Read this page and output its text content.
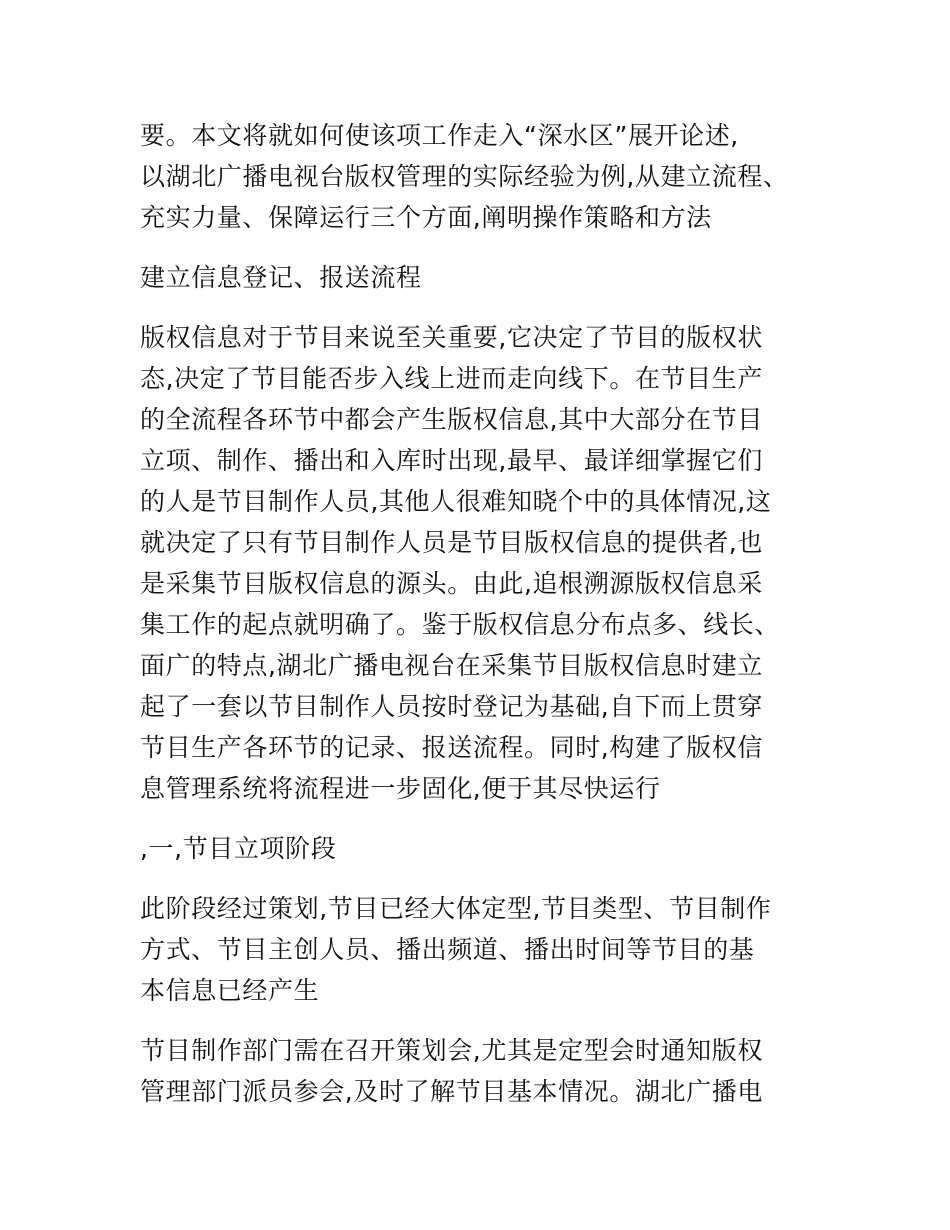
要。本文将就如何使该项工作走入“深水区”展开论述,
以湖北广播电视台版权管理的实际经验为例,从建立流程、
充实力量、保障运行三个方面,阐明操作策略和方法

建立信息登记、报送流程

版权信息对于节目来说至关重要,它决定了节目的版权状
态,决定了节目能否步入线上进而走向线下。在节目生产
的全流程各环节中都会产生版权信息,其中大部分在节目
立项、制作、播出和入库时出现,最早、最详细掌握它们
的人是节目制作人员,其他人很难知晓个中的具体情况,这
就决定了只有节目制作人员是节目版权信息的提供者,也
是采集节目版权信息的源头。由此,追根溯源版权信息采
集工作的起点就明确了。鉴于版权信息分布点多、线长、
面广的特点,湖北广播电视台在采集节目版权信息时建立
起了一套以节目制作人员按时登记为基础,自下而上贯穿
节目生产各环节的记录、报送流程。同时,构建了版权信
息管理系统将流程进一步固化,便于其尽快运行

,一,节目立项阶段

此阶段经过策划,节目已经大体定型,节目类型、节目制作
方式、节目主创人员、播出频道、播出时间等节目的基
本信息已经产生

节目制作部门需在召开策划会,尤其是定型会时通知版权
管理部门派员参会,及时了解节目基本情况。湖北广播电
